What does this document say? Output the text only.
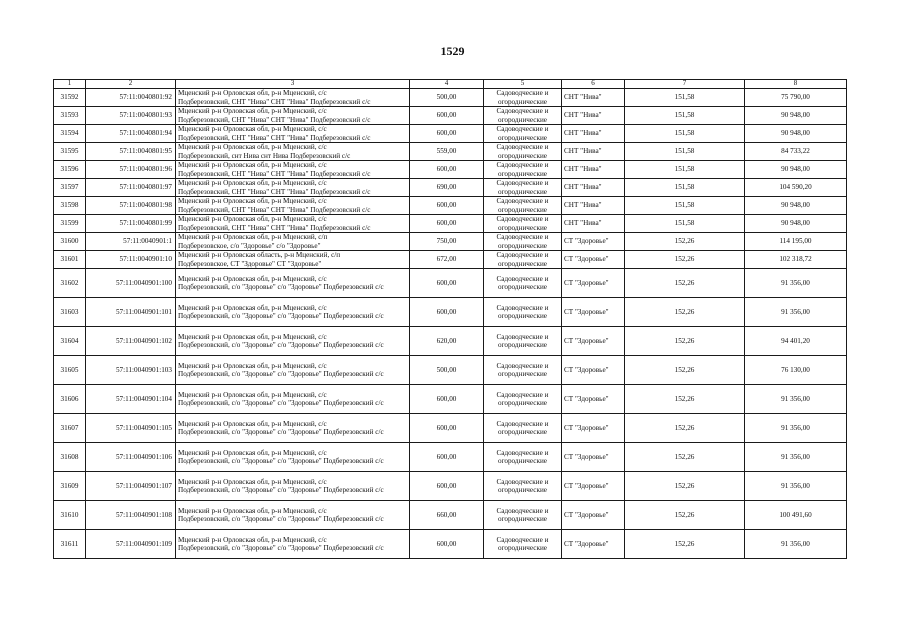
1529
1	2	3	4	5	6	7	8
31592	57:11:0040801:92	Мценский р-н Орловская обл, р-н Мценский, с/с
Подберезовский, СНТ "Нива" СНТ "Нива" Подберезовский с/с	500,00	Садоводческие и
огороднические	СНТ "Нива"	151,58	75 790,00
31593	57:11:0040801:93	Мценский р-н Орловская обл, р-н Мценский, с/с
Подберезовский, СНТ "Нива" СНТ "Нива" Подберезовский с/с	600,00	Садоводческие и
огороднические	СНТ "Нива"	151,58	90 948,00
31594	57:11:0040801:94	Мценский р-н Орловская обл, р-н Мценский, с/с
Подберезовский, СНТ "Нива" СНТ "Нива" Подберезовский с/с	600,00	Садоводческие и
огороднические	СНТ "Нива"	151,58	90 948,00
31595	57:11:0040801:95	Мценский р-н Орловская обл, р-н Мценский, с/с
Подберезовский, снт Нива снт Нива Подберезовский с/с	559,00	Садоводческие и
огороднические	СНТ "Нива"	151,58	84 733,22
31596	57:11:0040801:96	Мценский р-н Орловская обл, р-н Мценский, с/с
Подберезовский, СНТ "Нива" СНТ "Нива" Подберезовский с/с	600,00	Садоводческие и
огороднические	СНТ "Нива"	151,58	90 948,00
31597	57:11:0040801:97	Мценский р-н Орловская обл, р-н Мценский, с/с
Подберезовский, СНТ "Нива" СНТ "Нива" Подберезовский с/с	690,00	Садоводческие и
огороднические	СНТ "Нива"	151,58	104 590,20
31598	57:11:0040801:98	Мценский р-н Орловская обл, р-н Мценский, с/с
Подберезовский, СНТ "Нива" СНТ "Нива" Подберезовский с/с	600,00	Садоводческие и
огороднические	СНТ "Нива"	151,58	90 948,00
31599	57:11:0040801:99	Мценский р-н Орловская обл, р-н Мценский, с/с
Подберезовский, СНТ "Нива" СНТ "Нива" Подберезовский с/с	600,00	Садоводческие и
огороднические	СНТ "Нива"	151,58	90 948,00
31600	57:11:0040901:1	Мценский р-н Орловская обл, р-н Мценский, с/п
Подберезовское, с/о "Здоровье" с/о "Здоровье"	750,00	Садоводческие и
огороднические	СТ "Здоровье"	152,26	114 195,00
31601	57:11:0040901:10	Мценский р-н Орловская область, р-н Мценский, с/п
Подберезовское, СТ "Здоровье" СТ "Здоровье"	672,00	Садоводческие и
огороднические	СТ "Здоровье"	152,26	102 318,72
31602	57:11:0040901:100	Мценский р-н Орловская обл, р-н Мценский, с/с
Подберезовский, с/о "Здоровье" с/о "Здоровье" Подберезовский с/с	600,00	Садоводческие и
огороднические	СТ "Здоровье"	152,26	91 356,00
31603	57:11:0040901:101	Мценский р-н Орловская обл, р-н Мценский, с/с
Подберезовский, с/о "Здоровье" с/о "Здоровье" Подберезовский с/с	600,00	Садоводческие и
огороднические	СТ "Здоровье"	152,26	91 356,00
31604	57:11:0040901:102	Мценский р-н Орловская обл, р-н Мценский, с/с
Подберезовский, с/о "Здоровье" с/о "Здоровье" Подберезовский с/с	620,00	Садоводческие и
огороднические	СТ "Здоровье"	152,26	94 401,20
31605	57:11:0040901:103	Мценский р-н Орловская обл, р-н Мценский, с/с
Подберезовский, с/о "Здоровье" с/о "Здоровье" Подберезовский с/с	500,00	Садоводческие и
огороднические	СТ "Здоровье"	152,26	76 130,00
31606	57:11:0040901:104	Мценский р-н Орловская обл, р-н Мценский, с/с
Подберезовский, с/о "Здоровье" с/о "Здоровье" Подберезовский с/с	600,00	Садоводческие и
огороднические	СТ "Здоровье"	152,26	91 356,00
31607	57:11:0040901:105	Мценский р-н Орловская обл, р-н Мценский, с/с
Подберезовский, с/о "Здоровье" с/о "Здоровье" Подберезовский с/с	600,00	Садоводческие и
огороднические	СТ "Здоровье"	152,26	91 356,00
31608	57:11:0040901:106	Мценский р-н Орловская обл, р-н Мценский, с/с
Подберезовский, с/о "Здоровье" с/о "Здоровье" Подберезовский с/с	600,00	Садоводческие и
огороднические	СТ "Здоровье"	152,26	91 356,00
31609	57:11:0040901:107	Мценский р-н Орловская обл, р-н Мценский, с/с
Подберезовский, с/о "Здоровье" с/о "Здоровье" Подберезовский с/с	600,00	Садоводческие и
огороднические	СТ "Здоровье"	152,26	91 356,00
31610	57:11:0040901:108	Мценский р-н Орловская обл, р-н Мценский, с/с
Подберезовский, с/о "Здоровье" с/о "Здоровье" Подберезовский с/с	660,00	Садоводческие и
огороднические	СТ "Здоровье"	152,26	100 491,60
31611	57:11:0040901:109	Мценский р-н Орловская обл, р-н Мценский, с/с
Подберезовский, с/о "Здоровье" с/о "Здоровье" Подберезовский с/с	600,00	Садоводческие и
огороднические	СТ "Здоровье"	152,26	91 356,00
